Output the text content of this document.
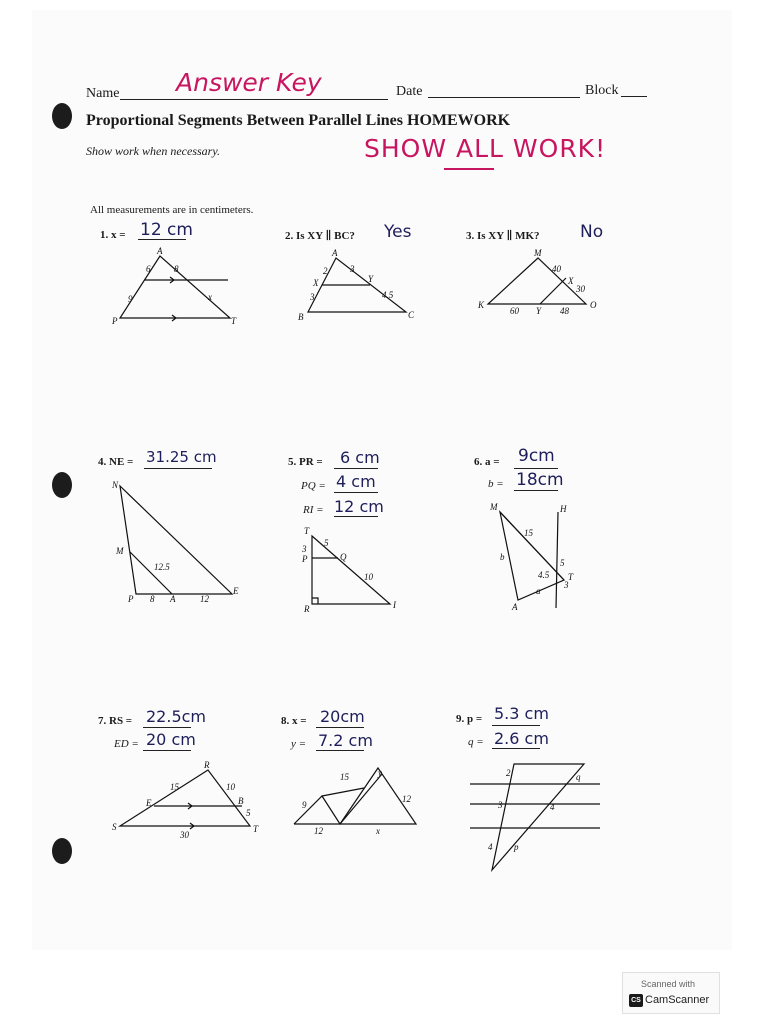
Name Answer Key	Date	Block
Proportional Segments Between Parallel Lines HOMEWORK
Show work when necessary.	SHOW ALL WORK!
All measurements are in centimeters.
1. x = 12 cm
A
P	T
6	8
9	x
2. Is XY ∥ BC? Yes
A
B	C
X	Y
2	3
3	4.5
3. Is XY ∥ MK? No
M
K	O
X
Y
40
30
60	48
4. NE = 31.25 cm
N
M
P	A
E
12.5
8	12
5. PR = 6 cm
PQ = 4 cm
RI = 12 cm
T
P	Q
R	I
3
5
10
6. a = 9cm
b = 18cm
M	H
A
T
15
5
4.5
3
b
a
7. RS = 22.5cm
ED = 20 cm
R
S	T
E	B
15	10
5
30
8. x = 20cm
y = 7.2 cm
15
9
12
12
x
y
9. p = 5.3 cm
q = 2.6 cm
2
3
4
4
p
q
Scanned with
CS CamScanner
